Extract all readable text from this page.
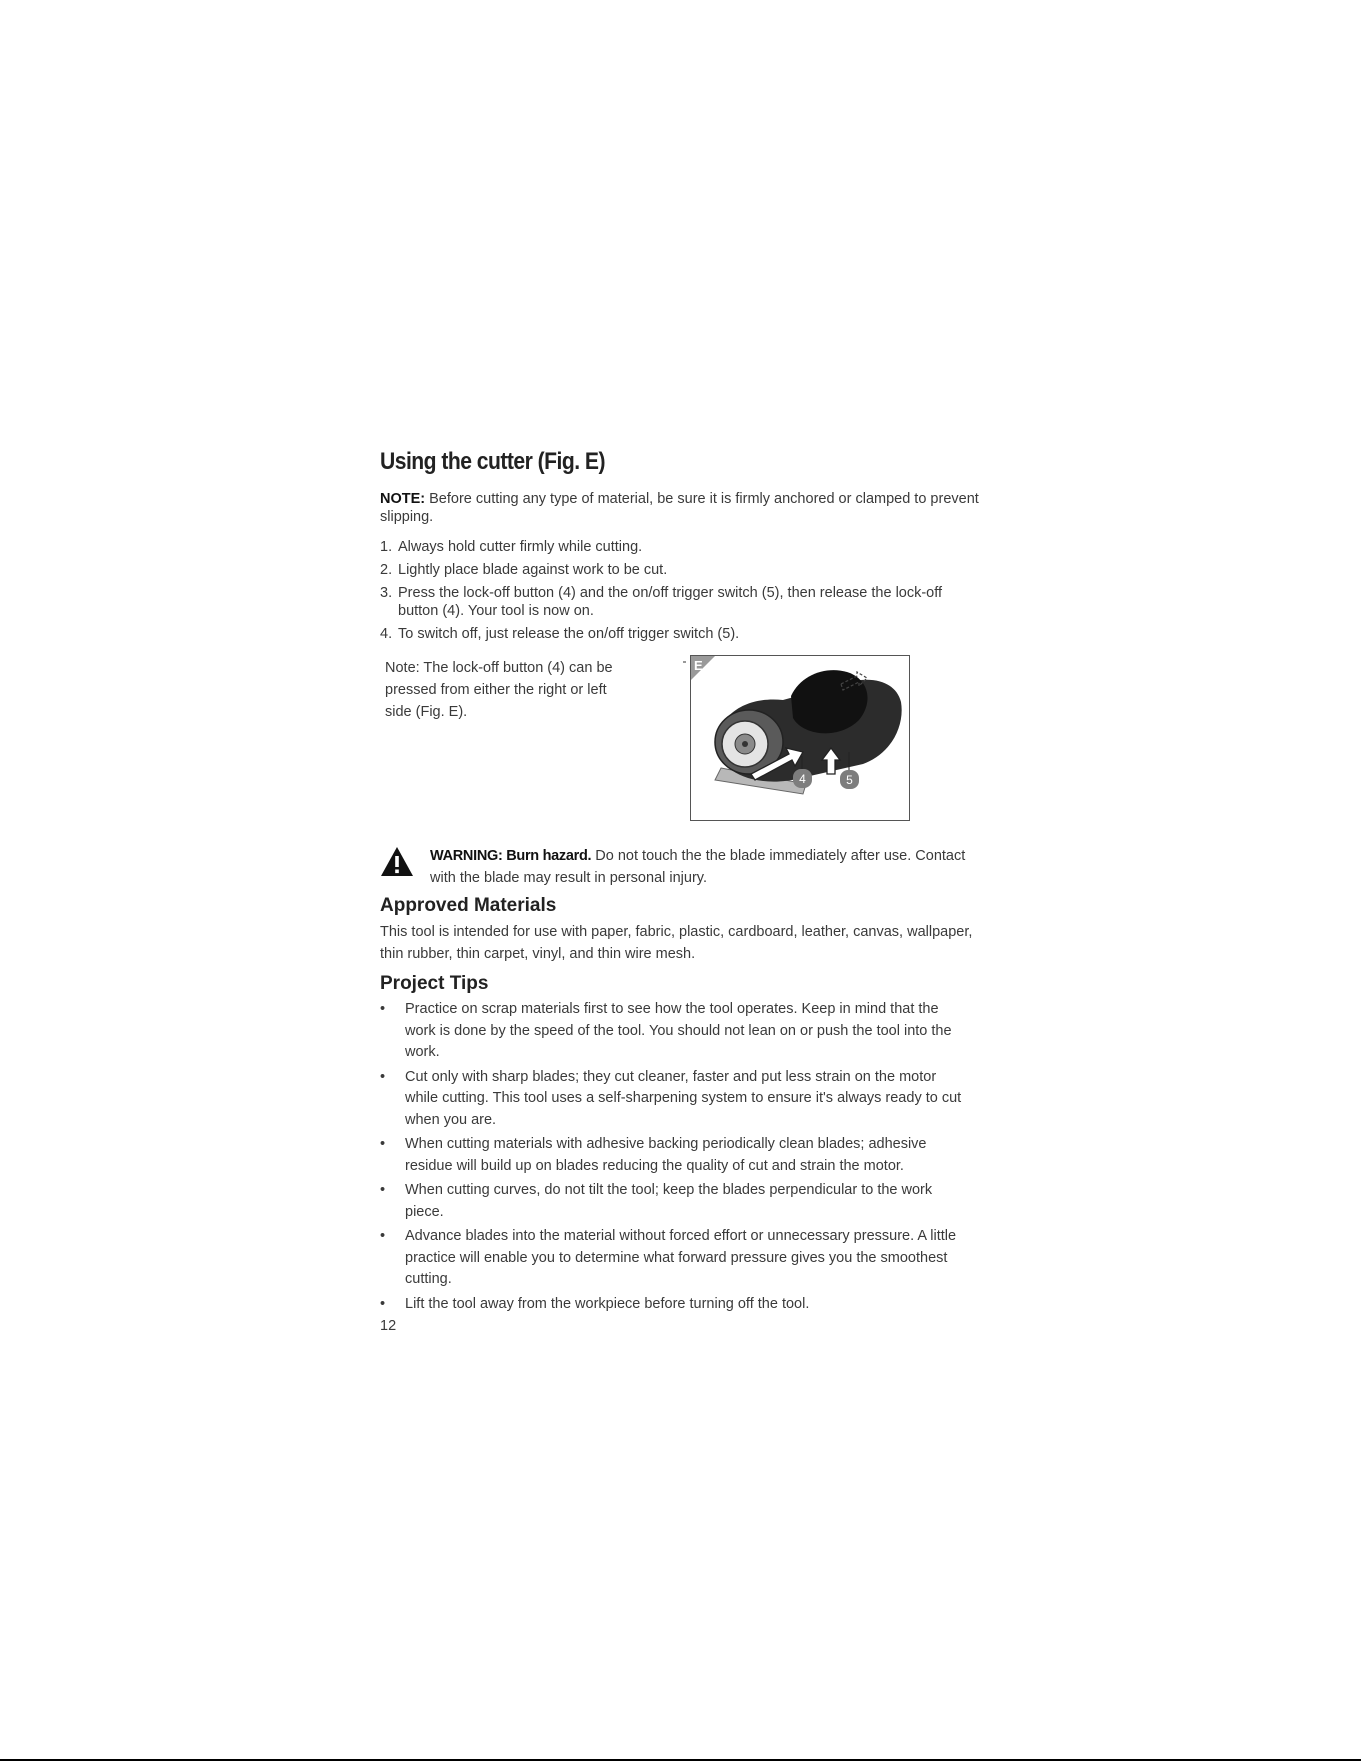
Using the cutter (Fig. E)

NOTE: Before cutting any type of material, be sure it is firmly anchored or clamped to prevent slipping.

1. Always hold cutter firmly while cutting.
2. Lightly place blade against work to be cut.
3. Press the lock-off button (4) and the on/off trigger switch (5), then release the lock-off button (4). Your tool is now on.
4. To switch off, just release the on/off trigger switch (5).
Note: The lock-off button (4) can be pressed from either the right or left side (Fig. E).
E
4	5
WARNING: Burn hazard. Do not touch the the blade immediately after use. Contact with the blade may result in personal injury.
Approved Materials

This tool is intended for use with paper, fabric, plastic, cardboard, leather, canvas, wallpaper,
thin rubber, thin carpet, vinyl, and thin wire mesh.

Project Tips
• Practice on scrap materials first to see how the tool operates. Keep in mind that the work is done by the speed of the tool. You should not lean on or push the tool into the work.
• Cut only with sharp blades; they cut cleaner, faster and put less strain on the motor while cutting. This tool uses a self-sharpening system to ensure it's always ready to cut when you are.
• When cutting materials with adhesive backing periodically clean blades; adhesive residue will build up on blades reducing the quality of cut and strain the motor.
• When cutting curves, do not tilt the tool; keep the blades perpendicular to the work piece.
• Advance blades into the material without forced effort or unnecessary pressure. A little practice will enable you to determine what forward pressure gives you the smoothest cutting.
• Lift the tool away from the workpiece before turning off the tool.
12
